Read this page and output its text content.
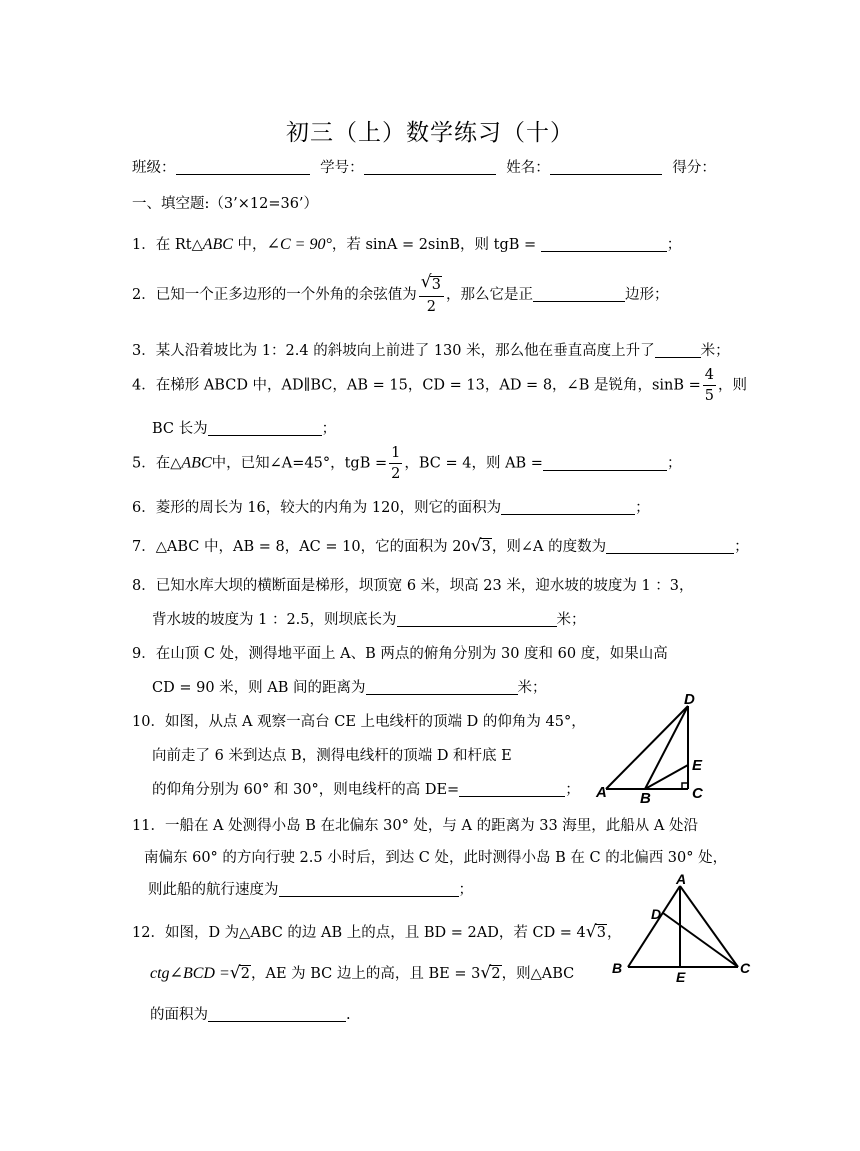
初三（上）数学练习（十）
班级：	学号：	姓名：	得分：
一、填空题:（3’×12=36’）
1．在 Rt△ABC 中，∠C = 90°，若 sinA = 2sinB，则 tgB =	；
2．已知一个正多边形的一个外角的余弦值为 $\frac{√ 3}{2}$ ，那么它是正	边形；
3．某人沿着坡比为 1：2.4 的斜坡向上前进了 130 米，那么他在垂直高度上升了	米；
4．在梯形 ABCD 中，AD∥BC，AB = 15，CD = 13，AD = 8，∠B 是锐角，$\sin B = \frac{4}{5}$ ，则
BC 长为	；
5．在△ABC中，已知∠A=45°，tgB = $\frac{1}{2}$ ，BC = 4，则 AB =	；
6．菱形的周长为 16，较大的内角为 120，则它的面积为	；
7．△ABC 中，AB = 8，AC = 10，它的面积为 20 √ 3，则∠A 的度数为	；
8．已知水库大坝的横断面是梯形，坝顶宽 6 米，坝高 23 米，迎水坡的坡度为 1 ：3，
背水坡的坡度为 1 ：2.5，则坝底长为	米；
9．在山顶 C 处，测得地平面上 A、B 两点的俯角分别为 30 度和 60 度，如果山高
CD = 90 米，则 AB 间的距离为	米；
10．如图，从点 A 观察一高台 CE 上电线杆的顶端 D 的仰角为 45°，
向前走了 6 米到达点 B，测得电线杆的顶端 D 和杆底 E
的仰角分别为 60° 和 30°，则电线杆的高 DE=	；
D
E
A B	C
11．一船在 A 处测得小岛 B 在北偏东 30° 处，与 A 的距离为 33 海里，此船从 A 处沿
南偏东 60° 的方向行驶 2.5 小时后，到达 C 处，此时测得小岛 B 在 C 的北偏西 30° 处，
则此船的航行速度为	；
12．如图，D 为△ABC 的边 AB 上的点，且 BD = 2AD，若 CD = 4 √ 3，
ctg∠BCD = √ 2，AE 为 BC 边上的高，且 BE = 3 √ 2，则△ABC
的面积为	.
A
D
B
E
C
